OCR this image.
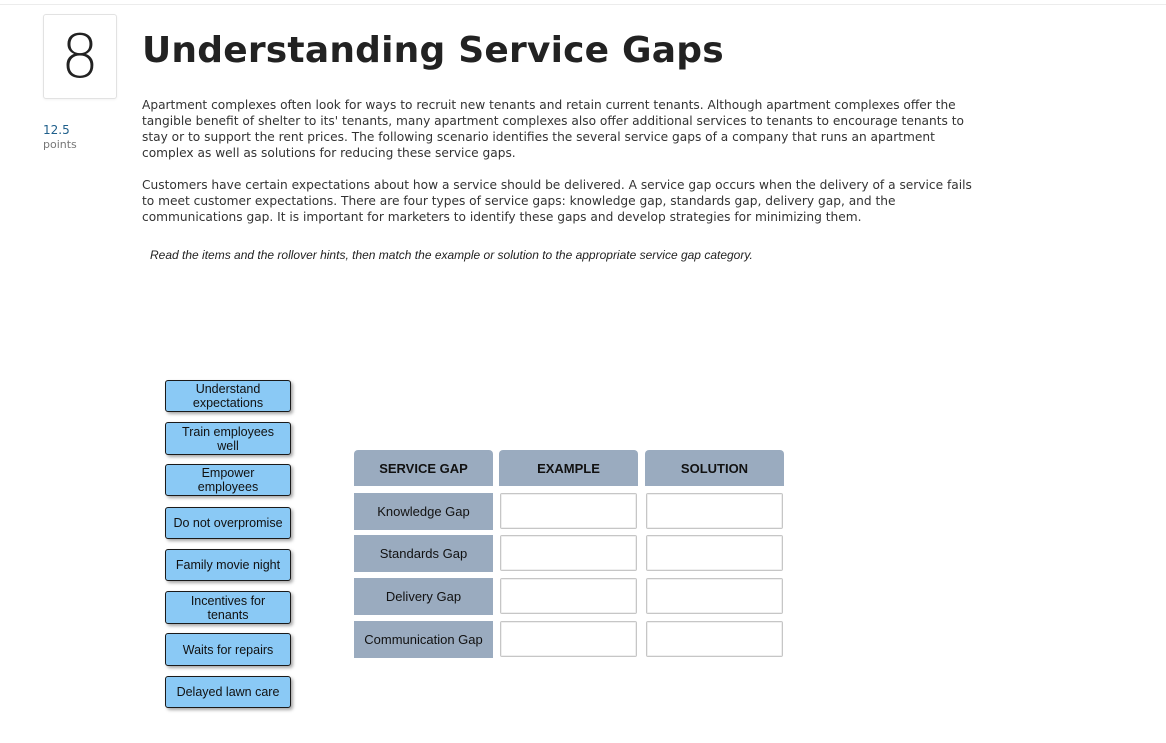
8
12.5
points
Understanding Service Gaps

Apartment complexes often look for ways to recruit new tenants and retain current tenants. Although apartment complexes offer the tangible benefit of shelter to its' tenants, many apartment complexes also offer additional services to tenants to encourage tenants to stay or to support the rent prices. The following scenario identifies the several service gaps of a company that runs an apartment complex as well as solutions for reducing these service gaps.

Customers have certain expectations about how a service should be delivered. A service gap occurs when the delivery of a service fails to meet customer expectations. There are four types of service gaps: knowledge gap, standards gap, delivery gap, and the communications gap. It is important for marketers to identify these gaps and develop strategies for minimizing them.

Read the items and the rollover hints, then match the example or solution to the appropriate service gap category.

Understand expectations
Train employees well
Empower employees
Do not overpromise
Family movie night
Incentives for tenants
Waits for repairs
Delayed lawn care
SERVICE GAP	EXAMPLE	SOLUTION
Knowledge Gap
Standards Gap
Delivery Gap
Communication Gap
